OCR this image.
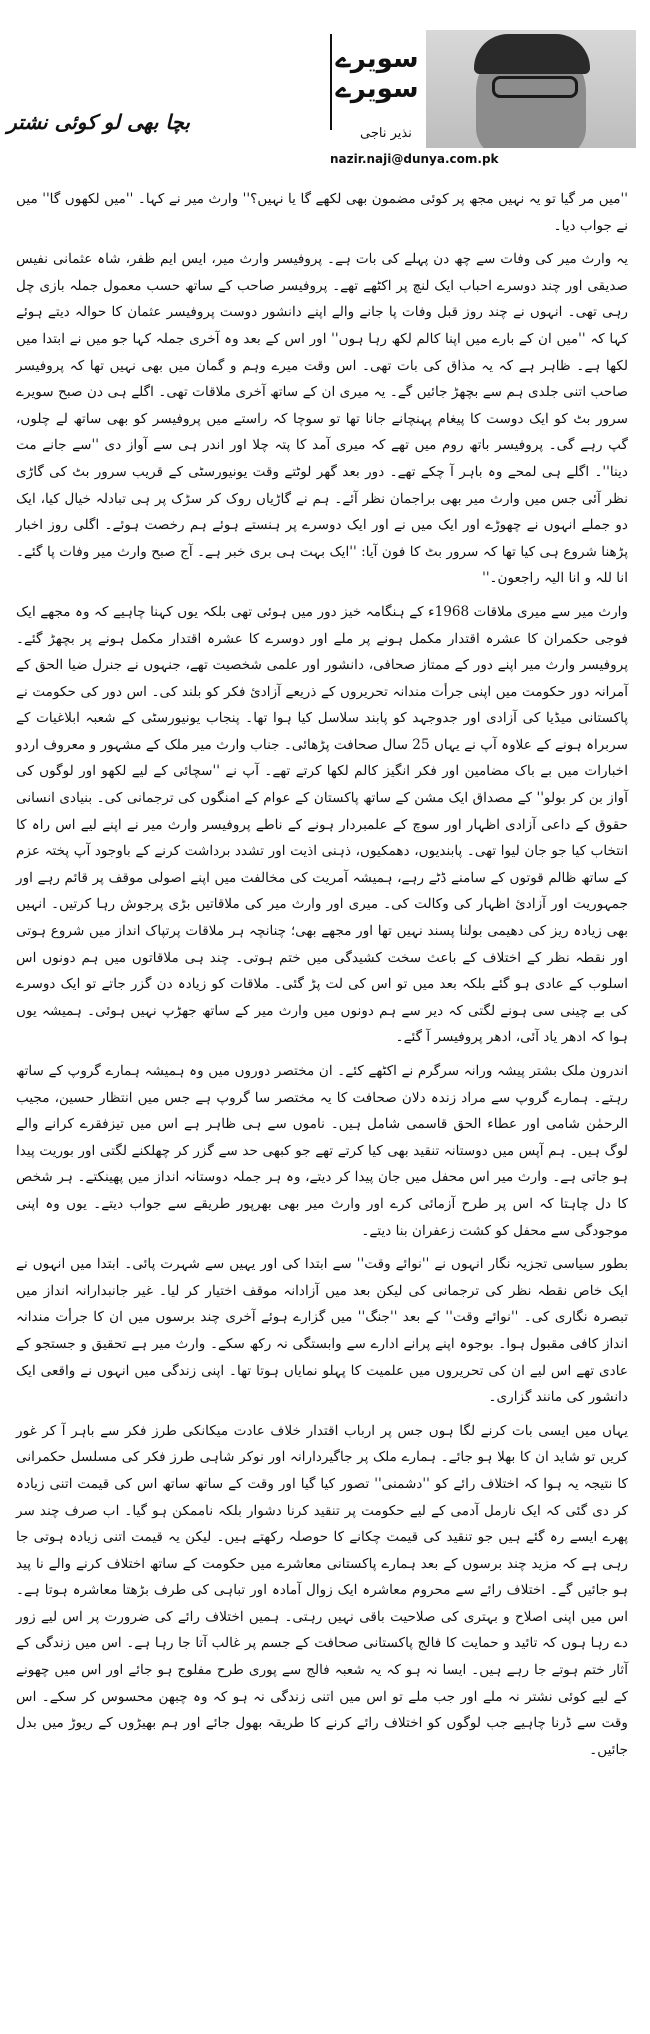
سویرے
سویرے
نذیر ناجی
nazir.naji@dunya.com.pk
بچا بھی لو کوئی نشتر

''میں مر گیا تو یہ نہیں مجھ پر کوئی مضمون بھی لکھے گا یا نہیں؟'' وارث میر نے کہا۔ ''میں لکھوں گا'' میں نے جواب دیا۔

یہ وارث میر کی وفات سے چھ دن پہلے کی بات ہے۔ پروفیسر وارث میر، ایس ایم ظفر، شاہ عثمانی نفیس صدیقی اور چند دوسرے احباب ایک لنچ پر اکٹھے تھے۔ پروفیسر صاحب کے ساتھ حسب معمول جملہ بازی چل رہی تھی۔ انہوں نے چند روز قبل وفات پا جانے والے اپنے دانشور دوست پروفیسر عثمان کا حوالہ دیتے ہوئے کہا کہ ''میں ان کے بارے میں اپنا کالم لکھ رہا ہوں'' اور اس کے بعد وہ آخری جملہ کہا جو میں نے ابتدا میں لکھا ہے۔ ظاہر ہے کہ یہ مذاق کی بات تھی۔ اس وقت میرے وہم و گمان میں بھی نہیں تھا کہ پروفیسر صاحب اتنی جلدی ہم سے بچھڑ جائیں گے۔ یہ میری ان کے ساتھ آخری ملاقات تھی۔ اگلے ہی دن صبح سویرے سرور بٹ کو ایک دوست کا پیغام پہنچانے جانا تھا تو سوچا کہ راستے میں پروفیسر کو بھی ساتھ لے چلوں، گپ رہے گی۔ پروفیسر باتھ روم میں تھے کہ میری آمد کا پتہ چلا اور اندر ہی سے آواز دی ''سے جانے مت دینا''۔ اگلے ہی لمحے وہ باہر آ چکے تھے۔ دور بعد گھر لوٹتے وقت یونیورسٹی کے قریب سرور بٹ کی گاڑی نظر آئی جس میں وارث میر بھی براجمان نظر آئے۔ ہم نے گاڑیاں روک کر سڑک پر ہی تبادلہ خیال کیا، ایک دو جملے انہوں نے چھوڑے اور ایک میں نے اور ایک دوسرے پر ہنستے ہوئے ہم رخصت ہوئے۔ اگلی روز اخبار پڑھنا شروع ہی کیا تھا کہ سرور بٹ کا فون آیا: ''ایک بہت ہی بری خبر ہے۔ آج صبح وارث میر وفات پا گئے۔ انا للہ و انا الیہ راجعون۔''

وارث میر سے میری ملاقات 1968ء کے ہنگامہ خیز دور میں ہوئی تھی بلکہ یوں کہنا چاہیے کہ وہ مجھے ایک فوجی حکمران کا عشرہ اقتدار مکمل ہونے پر ملے اور دوسرے کا عشرہ اقتدار مکمل ہونے پر بچھڑ گئے۔ پروفیسر وارث میر اپنے دور کے ممتاز صحافی، دانشور اور علمی شخصیت تھے، جنہوں نے جنرل ضیا الحق کے آمرانہ دور حکومت میں اپنی جرأت مندانہ تحریروں کے ذریعے آزادئ فکر کو بلند کی۔ اس دور کی حکومت نے پاکستانی میڈیا کی آزادی اور جدوجہد کو پابند سلاسل کیا ہوا تھا۔ پنجاب یونیورسٹی کے شعبہ ابلاغیات کے سربراہ ہونے کے علاوہ آپ نے یہاں 25 سال صحافت پڑھائی۔ جناب وارث میر ملک کے مشہور و معروف اردو اخبارات میں بے باک مضامین اور فکر انگیز کالم لکھا کرتے تھے۔ آپ نے ''سچائی کے لیے لکھو اور لوگوں کی آواز بن کر بولو'' کے مصداق ایک مشن کے ساتھ پاکستان کے عوام کے امنگوں کی ترجمانی کی۔ بنیادی انسانی حقوق کے داعی آزادی اظہار اور سوچ کے علمبردار ہونے کے ناطے پروفیسر وارث میر نے اپنے لیے اس راہ کا انتخاب کیا جو جان لیوا تھی۔ پابندیوں، دھمکیوں، ذہنی اذیت اور تشدد برداشت کرنے کے باوجود آپ پختہ عزم کے ساتھ ظالم قوتوں کے سامنے ڈٹے رہے، ہمیشہ آمریت کی مخالفت میں اپنے اصولی موقف پر قائم رہے اور جمہوریت اور آزادئ اظہار کی وکالت کی۔ میری اور وارث میر کی ملاقاتیں بڑی پرجوش رہا کرتیں۔ انہیں بھی زیادہ ریز کی دھیمی بولنا پسند نہیں تھا اور مجھے بھی؛ چنانچہ ہر ملاقات پرتپاک انداز میں شروع ہوتی اور نقطہ نظر کے اختلاف کے باعث سخت کشیدگی میں ختم ہوتی۔ چند ہی ملاقاتوں میں ہم دونوں اس اسلوب کے عادی ہو گئے بلکہ بعد میں تو اس کی لت پڑ گئی۔ ملاقات کو زیادہ دن گزر جاتے تو ایک دوسرے کی بے چینی سی ہونے لگتی کہ دیر سے ہم دونوں میں وارث میر کے ساتھ جھڑپ نہیں ہوئی۔ ہمیشہ یوں ہوا کہ ادھر یاد آئی، ادھر پروفیسر آ گئے۔

اندرون ملک بشتر پیشہ ورانہ سرگرم نے اکٹھے کئے۔ ان مختصر دوروں میں وہ ہمیشہ ہمارے گروپ کے ساتھ رہتے۔ ہمارے گروپ سے مراد زندہ دلان صحافت کا یہ مختصر سا گروپ ہے جس میں انتظار حسین، مجیب الرحمٰن شامی اور عطاء الحق قاسمی شامل ہیں۔ ناموں سے ہی ظاہر ہے اس میں تیزفقرے کرانے والے لوگ ہیں۔ ہم آپس میں دوستانہ تنقید بھی کیا کرتے تھے جو کبھی حد سے گزر کر چھلکنے لگتی اور بوریت پیدا ہو جاتی ہے۔ وارث میر اس محفل میں جان پیدا کر دیتے، وہ ہر جملہ دوستانہ انداز میں پھینکتے۔ ہر شخص کا دل چاہتا کہ اس پر طرح آزمائی کرے اور وارث میر بھی بھرپور طریقے سے جواب دیتے۔ یوں وہ اپنی موجودگی سے محفل کو کشت زعفران بنا دیتے۔

بطور سیاسی تجزیہ نگار انہوں نے ''نوائے وقت'' سے ابتدا کی اور یہیں سے شہرت پائی۔ ابتدا میں انہوں نے ایک خاص نقطہ نظر کی ترجمانی کی لیکن بعد میں آزادانہ موقف اختیار کر لیا۔ غیر جانبدارانہ انداز میں تبصرہ نگاری کی۔ ''نوائے وقت'' کے بعد ''جنگ'' میں گزارے ہوئے آخری چند برسوں میں ان کا جرأت مندانہ انداز کافی مقبول ہوا۔ بوجوہ اپنے پرانے ادارے سے وابستگی نہ رکھ سکے۔ وارث میر ہے تحقیق و جستجو کے عادی تھے اس لیے ان کی تحریروں میں علمیت کا پہلو نمایاں ہوتا تھا۔ اپنی زندگی میں انہوں نے واقعی ایک دانشور کی مانند گزاری۔

یہاں میں ایسی بات کرنے لگا ہوں جس پر ارباب اقتدار خلاف عادت میکانکی طرز فکر سے باہر آ کر غور کریں تو شاید ان کا بھلا ہو جائے۔ ہمارے ملک پر جاگیردارانہ اور نوکر شاہی طرز فکر کی مسلسل حکمرانی کا نتیجہ یہ ہوا کہ اختلاف رائے کو ''دشمنی'' تصور کیا گیا اور وقت کے ساتھ ساتھ اس کی قیمت اتنی زیادہ کر دی گئی کہ ایک نارمل آدمی کے لیے حکومت پر تنقید کرنا دشوار بلکہ ناممکن ہو گیا۔ اب صرف چند سر پھرے ایسے رہ گئے ہیں جو تنقید کی قیمت چکانے کا حوصلہ رکھتے ہیں۔ لیکن یہ قیمت اتنی زیادہ ہوتی جا رہی ہے کہ مزید چند برسوں کے بعد ہمارے پاکستانی معاشرے میں حکومت کے ساتھ اختلاف کرنے والے نا پید ہو جائیں گے۔ اختلاف رائے سے محروم معاشرہ ایک زوال آمادہ اور تباہی کی طرف بڑھتا معاشرہ ہوتا ہے۔ اس میں اپنی اصلاح و بہتری کی صلاحیت باقی نہیں رہتی۔ ہمیں اختلاف رائے کی ضرورت پر اس لیے زور دے رہا ہوں کہ تائید و حمایت کا فالج پاکستانی صحافت کے جسم پر غالب آتا جا رہا ہے۔ اس میں زندگی کے آثار ختم ہوتے جا رہے ہیں۔ ایسا نہ ہو کہ یہ شعبہ فالج سے پوری طرح مفلوج ہو جائے اور اس میں چھونے کے لیے کوئی نشتر نہ ملے اور جب ملے تو اس میں اتنی زندگی نہ ہو کہ وہ چبھن محسوس کر سکے۔ اس وقت سے ڈرنا چاہیے جب لوگوں کو اختلاف رائے کرنے کا طریقہ بھول جائے اور ہم بھیڑوں کے ریوڑ میں بدل جائیں۔
